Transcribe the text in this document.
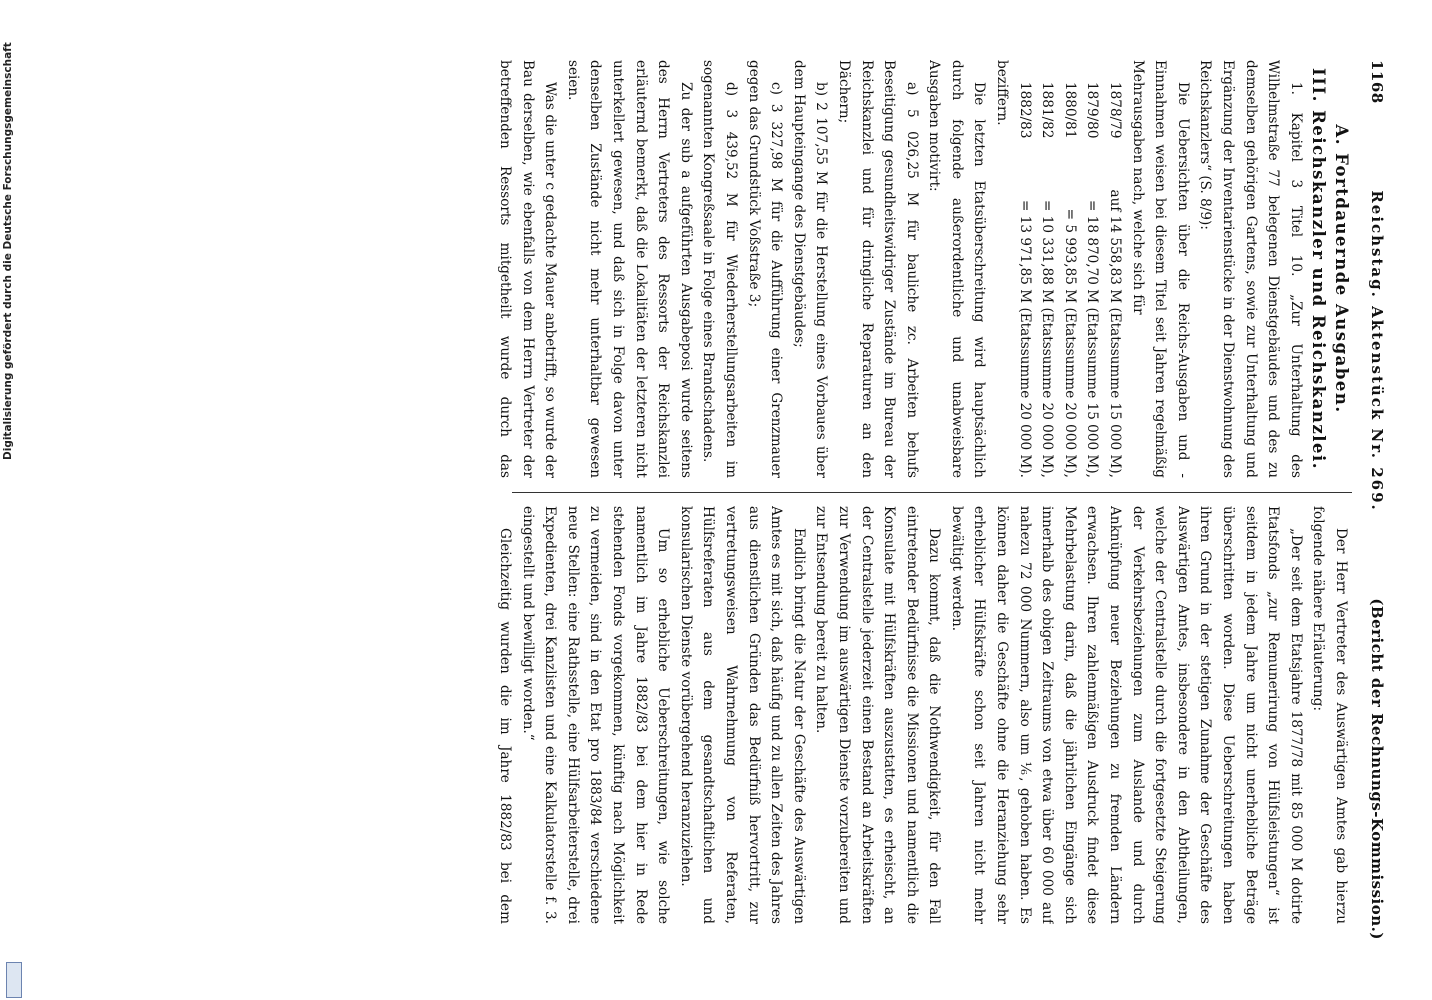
Digitalisierung gefördert durch die Deutsche Forschungsgemeinschaft	1168
Reichstag. Aktenstück Nr. 269.
(Bericht der Rechnungs-Kommission.)
A. Fortdauernde Ausgaben.
III. Reichskanzler und Reichskanzlei.

1. Kapitel 3 Titel 10. „Zur Unterhaltung des Wilhelmstraße 77 belegenen Dienstgebäudes und des zu demselben gehörigen Gartens, sowie zur Unterhaltung und Ergänzung der Inventarienstücke in der Dienstwohnung des Reichskanzlers“ (S. 8/9):

Die Uebersichten über die Reichs-Ausgaben und -Einnahmen weisen bei diesem Titel seit Jahren regelmäßig Mehrausgaben nach, welche sich für

1878/79
auf 14 558,83 M (Etatssumme 15 000 M),
1879/80
= 18 870,70 M (Etatssumme 15 000 M),
1880/81
= 5 993,85 M (Etatssumme 20 000 M),
1881/82
= 10 331,88 M (Etatssumme 20 000 M),
1882/83
= 13 971,85 M (Etatssumme 20 000 M).

beziffern.

Die letzten Etatsüberschreitung wird hauptsächlich durch folgende außerordentliche und unabweisbare Ausgaben motivirt:

a) 5 026,25 M für bauliche zc. Arbeiten behufs Beseitigung gesundheitswidriger Zustände im Bureau der Reichskanzlei und für dringliche Reparaturen an den Dächern;

b) 2 107,55 M für die Herstellung eines Vorbaues über dem Haupteingange des Dienstgebäudes;

c) 3 327,98 M für die Aufführung einer Grenzmauer gegen das Grundstück Voßstraße 3;

d) 3 439,52 M für Wiederherstellungsarbeiten im sogenannten Kongreßsaale in Folge eines Brandschadens.

Zu der sub a aufgeführten Ausgabeposi wurde seitens des Herrn Vertreters des Ressorts der Reichskanzlei erläuternd bemerkt, daß die Lokalitäten der letzteren nicht unterkellert gewesen, und daß sich in Folge davon unter denselben Zustände nicht mehr unterhaltbar gewesen seien.

Was die unter c gedachte Mauer anbetrifft, so wurde der Bau derselben, wie ebenfalls von dem Herrn Vertreter der betreffenden Ressorts mitgetheilt wurde durch das

Der Herr Vertreter des Auswärtigen Amtes gab hierzu folgende nähere Erläuterung:

„Der seit dem Etatsjahre 1877/78 mit 85 000 M dotirte Etatsfonds „zur Remunerirung von Hülfsleistungen“ ist seitdem in jedem Jahre um nicht unerhebliche Beträge überschritten worden. Diese Ueberschreitungen haben ihren Grund in der stetigen Zunahme der Geschäfte des Auswärtigen Amtes, insbesondere in den Abtheilungen, welche der Centralstelle durch die fortgesetzte Steigerung der Verkehrsbeziehungen zum Auslande und durch Anknüpfung neuer Beziehungen zu fremden Ländern erwachsen. Ihren zahlenmäßigen Ausdruck findet diese Mehrbelastung darin, daß die jährlichen Eingänge sich innerhalb des obigen Zeitraums von etwa über 60 000 auf nahezu 72 000 Nummern, also um ⅙, gehoben haben. Es können daher die Geschäfte ohne die Heranziehung sehr erheblicher Hülfskräfte schon seit Jahren nicht mehr bewältigt werden.

Dazu kommt, daß die Nothwendigkeit, für den Fall eintretender Bedürfnisse die Missionen und namentlich die Konsulate mit Hülfskräften auszustatten, es erheischt, an der Centralstelle jederzeit einen Bestand an Arbeitskräften zur Verwendung im auswärtigen Dienste vorzubereiten und zur Entsendung bereit zu halten.

Endlich bringt die Natur der Geschäfte des Auswärtigen Amtes es mit sich, daß häufig und zu allen Zeiten des Jahres aus dienstlichen Gründen das Bedürfniß hervortritt, zur vertretungsweisen Wahrnehmung von Referaten, Hülfsreferaten aus dem gesandtschaftlichen und konsularischen Dienste vorübergehend heranzuziehen.

Um so erhebliche Ueberschreitungen, wie solche namentlich im Jahre 1882/83 bei dem hier in Rede stehenden Fonds vorgekommen, künftig nach Möglichkeit zu vermeiden, sind in den Etat pro 1883/84 verschiedene neue Stellen: eine Rathsstelle, eine Hülfsarbeiterstelle, drei Expedienten, drei Kanzlisten und eine Kalkulatorstelle f. 3. eingestellt und bewilligt worden.“

Gleichzeitig wurden die im Jahre 1882/83 bei dem
